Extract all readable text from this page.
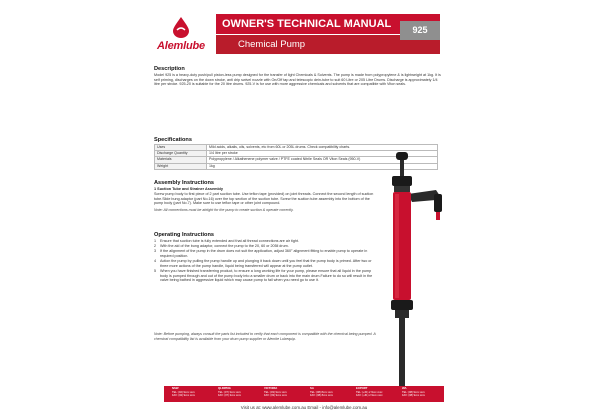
Alemlube
OWNER'S TECHNICAL MANUAL
Chemical Pump
925
Description

Model 925 is a heavy-duty push/pull piston-less pump designed for the transfer of light Chemicals & Solvents. The pump is made from polypropylene & is lightweight at 1kg. It is self priming, discharges on the down stroke, anti drip swivel nozzle with On/Off tap and telescopic dein-tube to suit 60 Litre or 205 Litre Drums. Discharge is approximately 1/4 litre per stroke. 925-20 is suitable for the 20 litre drums. 925-V is for use with more aggressive chemicals and solvents that are compatible with Viton seals.

Specifications
Uses	Mild acids, alkalis, oils, solvents, etc from 60L or 205L drums. Check compatibility charts.
Discharge Quantity	1/4 litre per stroke
Materials	Polypropylene / Alkathenene polymer valve / PTFE coated Nitrile Seals OR Viton Seals (950-V)
Weight	1kg
Assembly Instructions
1 Suction Tube and Strainer Assembly

Screw pump body to first piece of 2 part suction tube. Use teflon tape (provided) on joint threads. Connect the second length of suction tube.Slide bung adaptor (part No.16) over the top section of the suction tube. Screw the suction tube assembly into the bottom of the pump body (part No.7). Make sure to use teflon tape or other joint compound.

Note: All connections must be airtight for the pump to create suction & operate correctly.
Operating Instructions
1 Ensure that suction tube is fully extended and that all thread connections are air tight.
2 With the aid of the bung adaptor, connect the pump to the 20, 60 or 205ll drum.
3 If the alignment of the pump in the drum does not suit the application, adjust 360° alignment fitting to enable pump to operate in required position.
4 Action the pump by pulling the pump handle up and plunging it back down until you feel that the pump body is primed. After two or three more actions of the pump handle, liquid being transferred will appear at the pump outlet.
5 When you have finished transferring product, to ensure a long working life for your pump, please ensure that all liquid in the pump body is pumped through and out of the pump body into a smaller drum or back into the main drum.Failure to do so will result in the valve being bathed in aggressive liquid which may cause pump to fail when you need go to use it.
Note: Before pumping, always consult the parts list included to verify that each component is compatible with the chemical being pumped. A chemical compatibility list is available from your drum pump supplier or Alemite Lubequip.
NSW
TEL: (02) 9xxx xxxx
FAX: (02) 9xxx xxxx
QLD/PNG
TEL: (07) 3xxx xxxx
FAX: (07) 3xxx xxxx
VICTORIA
TEL: (03) 9xxx xxxx
FAX: (03) 9xxx xxxx
SA
TEL: (08) 8xxx xxxx
FAX: (08) 8xxx xxxx
EXPORT
TEL: (+61) 2 9xxx xxxx
FAX: (+61) 2 9xxx xxxx
WA
TEL: (08) 9xxx xxxx
FAX: (08) 9xxx xxxx
Visit us at: www.alemlube.com.au Email - info@alemlube.com.au
